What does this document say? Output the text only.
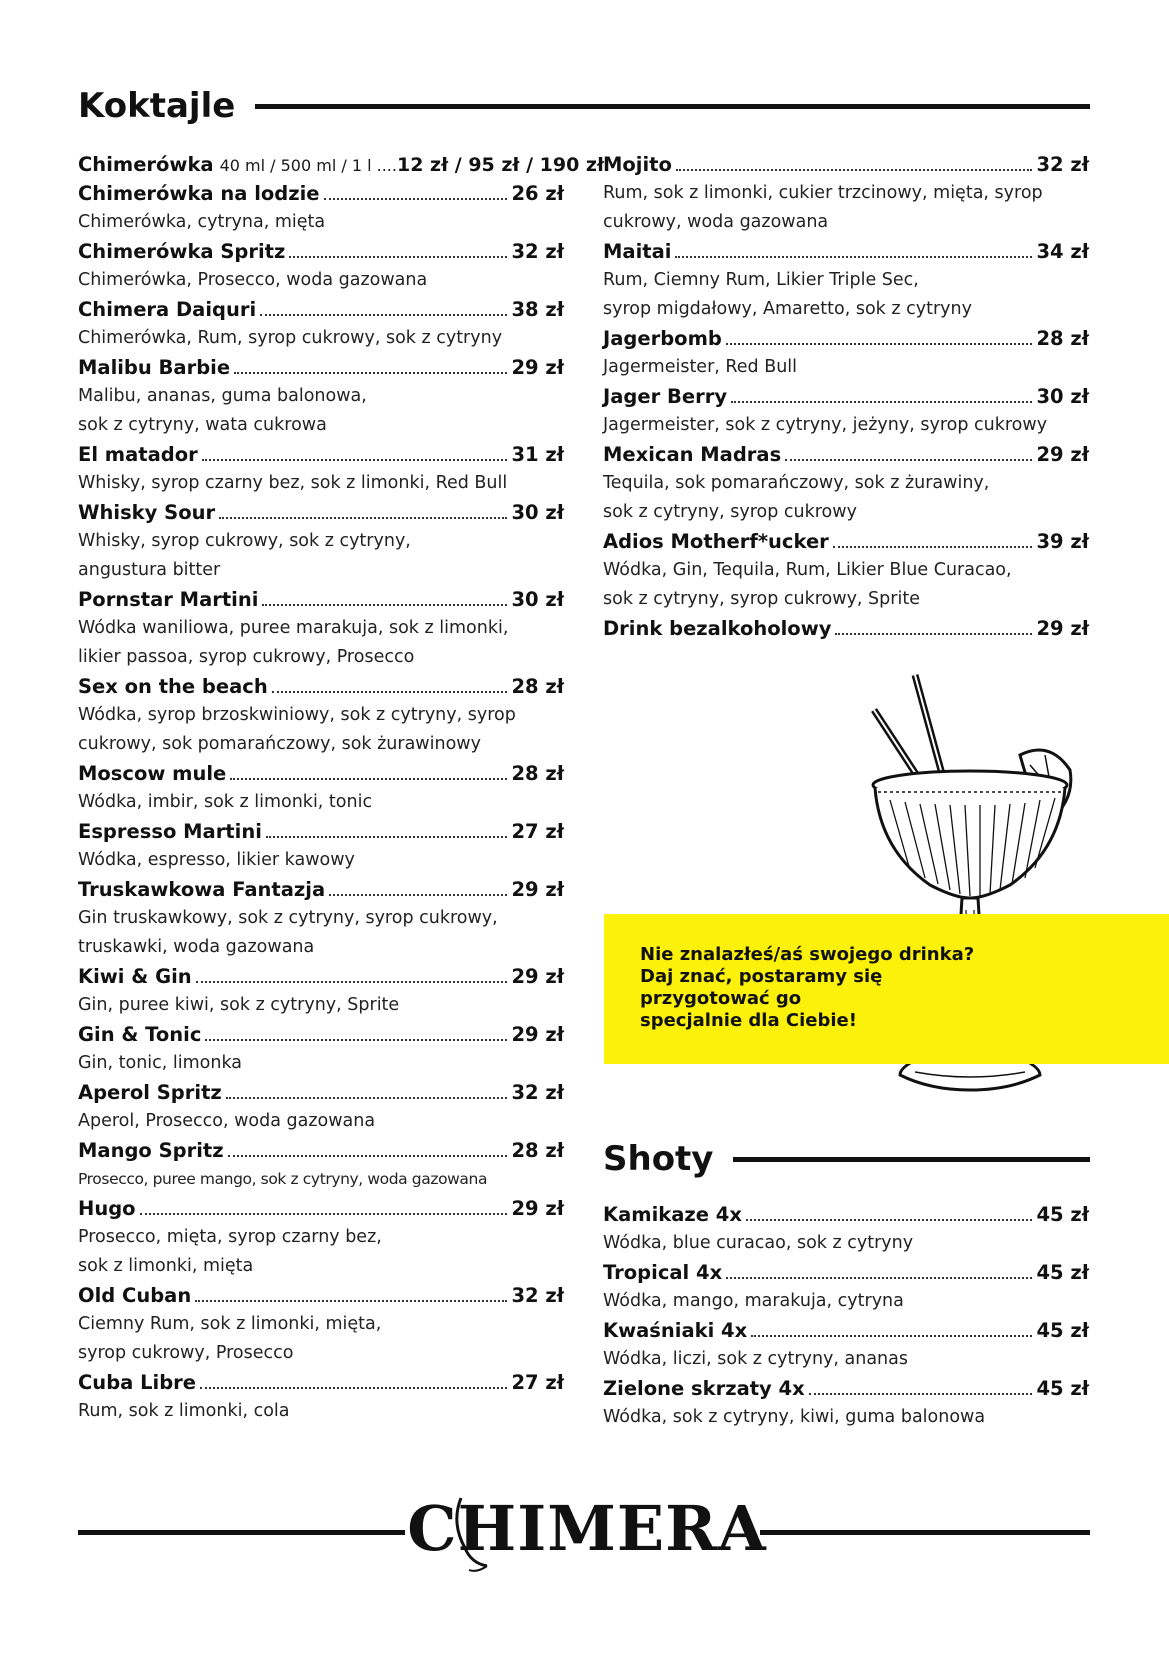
Koktajle
Chimerówka 40 ml / 500 ml / 1 l .... 12 zł / 95 zł / 190 zł
Chimerówka na lodzie	26 zł
Chimerówka, cytryna, mięta
Chimerówka Spritz	32 zł
Chimerówka, Prosecco, woda gazowana
Chimera Daiquri	38 zł
Chimerówka, Rum, syrop cukrowy, sok z cytryny
Malibu Barbie	29 zł
Malibu, ananas, guma balonowa,
sok z cytryny, wata cukrowa
El matador	31 zł
Whisky, syrop czarny bez, sok z limonki, Red Bull
Whisky Sour	30 zł
Whisky, syrop cukrowy, sok z cytryny,
angustura bitter
Pornstar Martini	30 zł
Wódka waniliowa, puree marakuja, sok z limonki,
likier passoa, syrop cukrowy, Prosecco
Sex on the beach	28 zł
Wódka, syrop brzoskwiniowy, sok z cytryny, syrop
cukrowy, sok pomarańczowy, sok żurawinowy
Moscow mule	28 zł
Wódka, imbir, sok z limonki, tonic
Espresso Martini	27 zł
Wódka, espresso, likier kawowy
Truskawkowa Fantazja	29 zł
Gin truskawkowy, sok z cytryny, syrop cukrowy,
truskawki, woda gazowana
Kiwi & Gin	29 zł
Gin, puree kiwi, sok z cytryny, Sprite
Gin & Tonic	29 zł
Gin, tonic, limonka
Aperol Spritz	32 zł
Aperol, Prosecco, woda gazowana
Mango Spritz	28 zł
Prosecco, puree mango, sok z cytryny, woda gazowana
Hugo	29 zł
Prosecco, mięta, syrop czarny bez,
sok z limonki, mięta
Old Cuban	32 zł
Ciemny Rum, sok z limonki, mięta,
syrop cukrowy, Prosecco
Cuba Libre	27 zł
Rum, sok z limonki, cola
Mojito	32 zł
Rum, sok z limonki, cukier trzcinowy, mięta, syrop
cukrowy, woda gazowana
Maitai	34 zł
Rum, Ciemny Rum, Likier Triple Sec,
syrop migdałowy, Amaretto, sok z cytryny
Jagerbomb	28 zł
Jagermeister, Red Bull
Jager Berry	30 zł
Jagermeister, sok z cytryny, jeżyny, syrop cukrowy
Mexican Madras	29 zł
Tequila, sok pomarańczowy, sok z żurawiny,
sok z cytryny, syrop cukrowy
Adios Motherf*ucker	39 zł
Wódka, Gin, Tequila, Rum, Likier Blue Curacao,
sok z cytryny, syrop cukrowy, Sprite
Drink bezalkoholowy	29 zł
Nie znalazłeś/aś swojego drinka?
Daj znać, postaramy się
przygotować go
specjalnie dla Ciebie!
Shoty
Kamikaze 4x	45 zł
Wódka, blue curacao, sok z cytryny
Tropical 4x	45 zł
Wódka, mango, marakuja, cytryna
Kwaśniaki 4x	45 zł
Wódka, liczi, sok z cytryny, ananas
Zielone skrzaty 4x	45 zł
Wódka, sok z cytryny, kiwi, guma balonowa
CHIMERA
